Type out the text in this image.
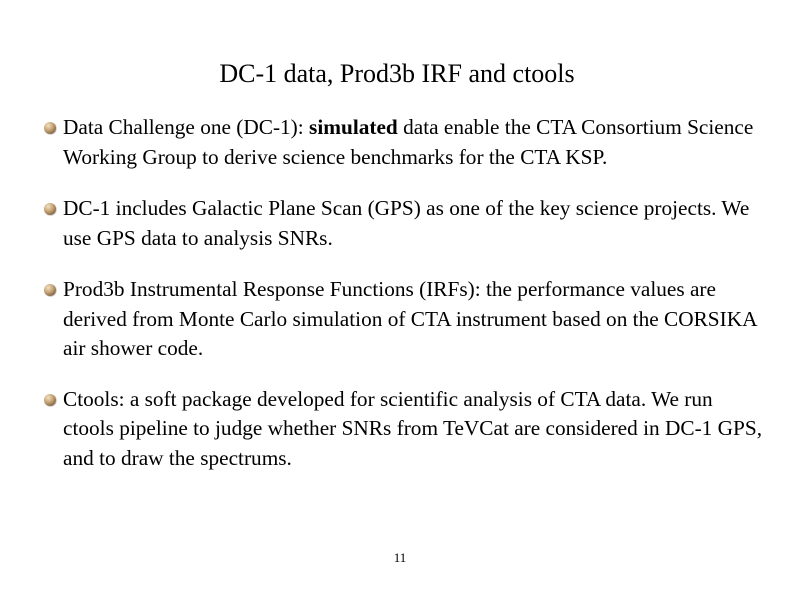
DC-1 data, Prod3b IRF and ctools
Data Challenge one (DC-1): simulated data enable the CTA Consortium Science Working Group to derive science benchmarks for the CTA KSP.
DC-1 includes Galactic Plane Scan (GPS) as one of the key science projects. We use GPS data to analysis SNRs.
Prod3b Instrumental Response Functions (IRFs): the performance values are derived from Monte Carlo simulation of CTA instrument based on the CORSIKA air shower code.
Ctools: a soft package developed for scientific analysis of CTA data. We run ctools pipeline to judge whether SNRs from TeVCat are considered in DC-1 GPS, and to draw the spectrums.
11
